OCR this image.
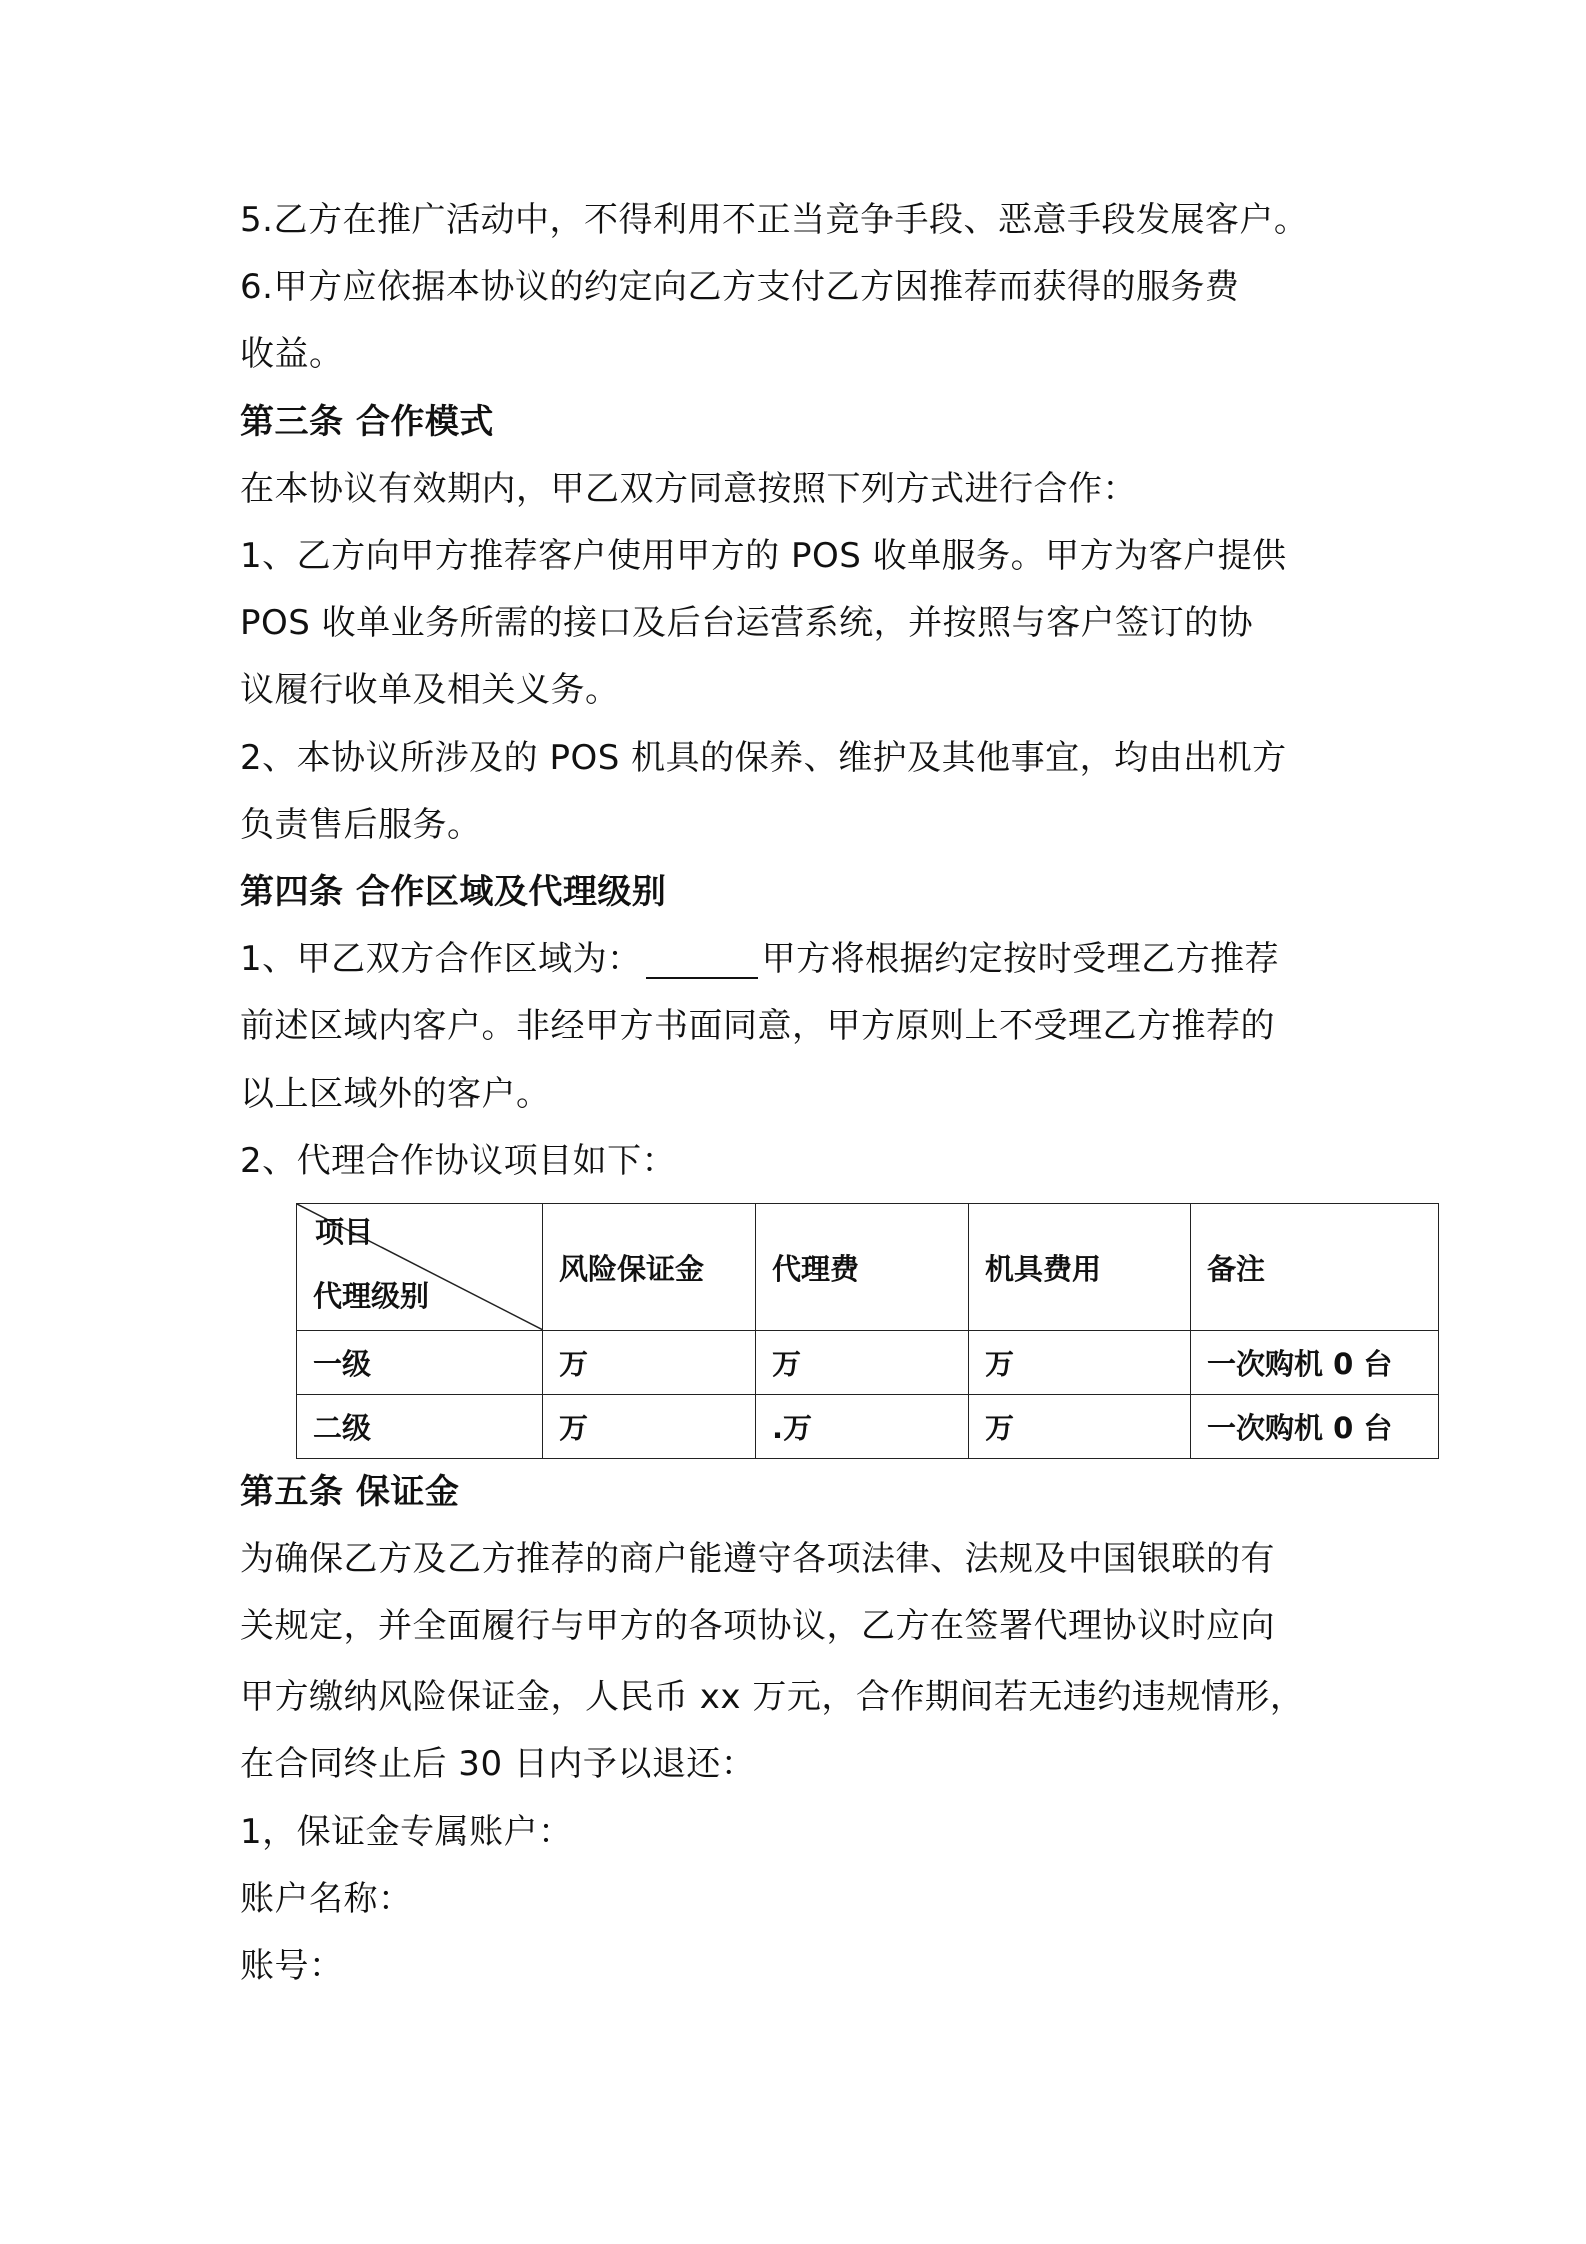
5.乙方在推广活动中，不得利用不正当竞争手段、恶意手段发展客户。
6.甲方应依据本协议的约定向乙方支付乙方因推荐而获得的服务费
收益。
第三条 合作模式
在本协议有效期内，甲乙双方同意按照下列方式进行合作：
1、乙方向甲方推荐客户使用甲方的 POS 收单服务。甲方为客户提供
POS 收单业务所需的接口及后台运营系统，并按照与客户签订的协
议履行收单及相关义务。
2、本协议所涉及的 POS 机具的保养、维护及其他事宜，均由出机方
负责售后服务。
第四条 合作区域及代理级别
1、甲乙双方合作区域为：	甲方将根据约定按时受理乙方推荐
前述区域内客户。非经甲方书面同意，甲方原则上不受理乙方推荐的
以上区域外的客户。
2、代理合作协议项目如下：
项目
代理级别	风险保证金	代理费	机具费用	备注
一级	万	万	万	一次购机 0 台
二级	万	.万	万	一次购机 0 台
第五条 保证金
为确保乙方及乙方推荐的商户能遵守各项法律、法规及中国银联的有
关规定，并全面履行与甲方的各项协议，乙方在签署代理协议时应向
甲方缴纳风险保证金，人民币 xx 万元，合作期间若无违约违规情形，
在合同终止后 30 日内予以退还：
1，保证金专属账户：
账户名称：
账号：
